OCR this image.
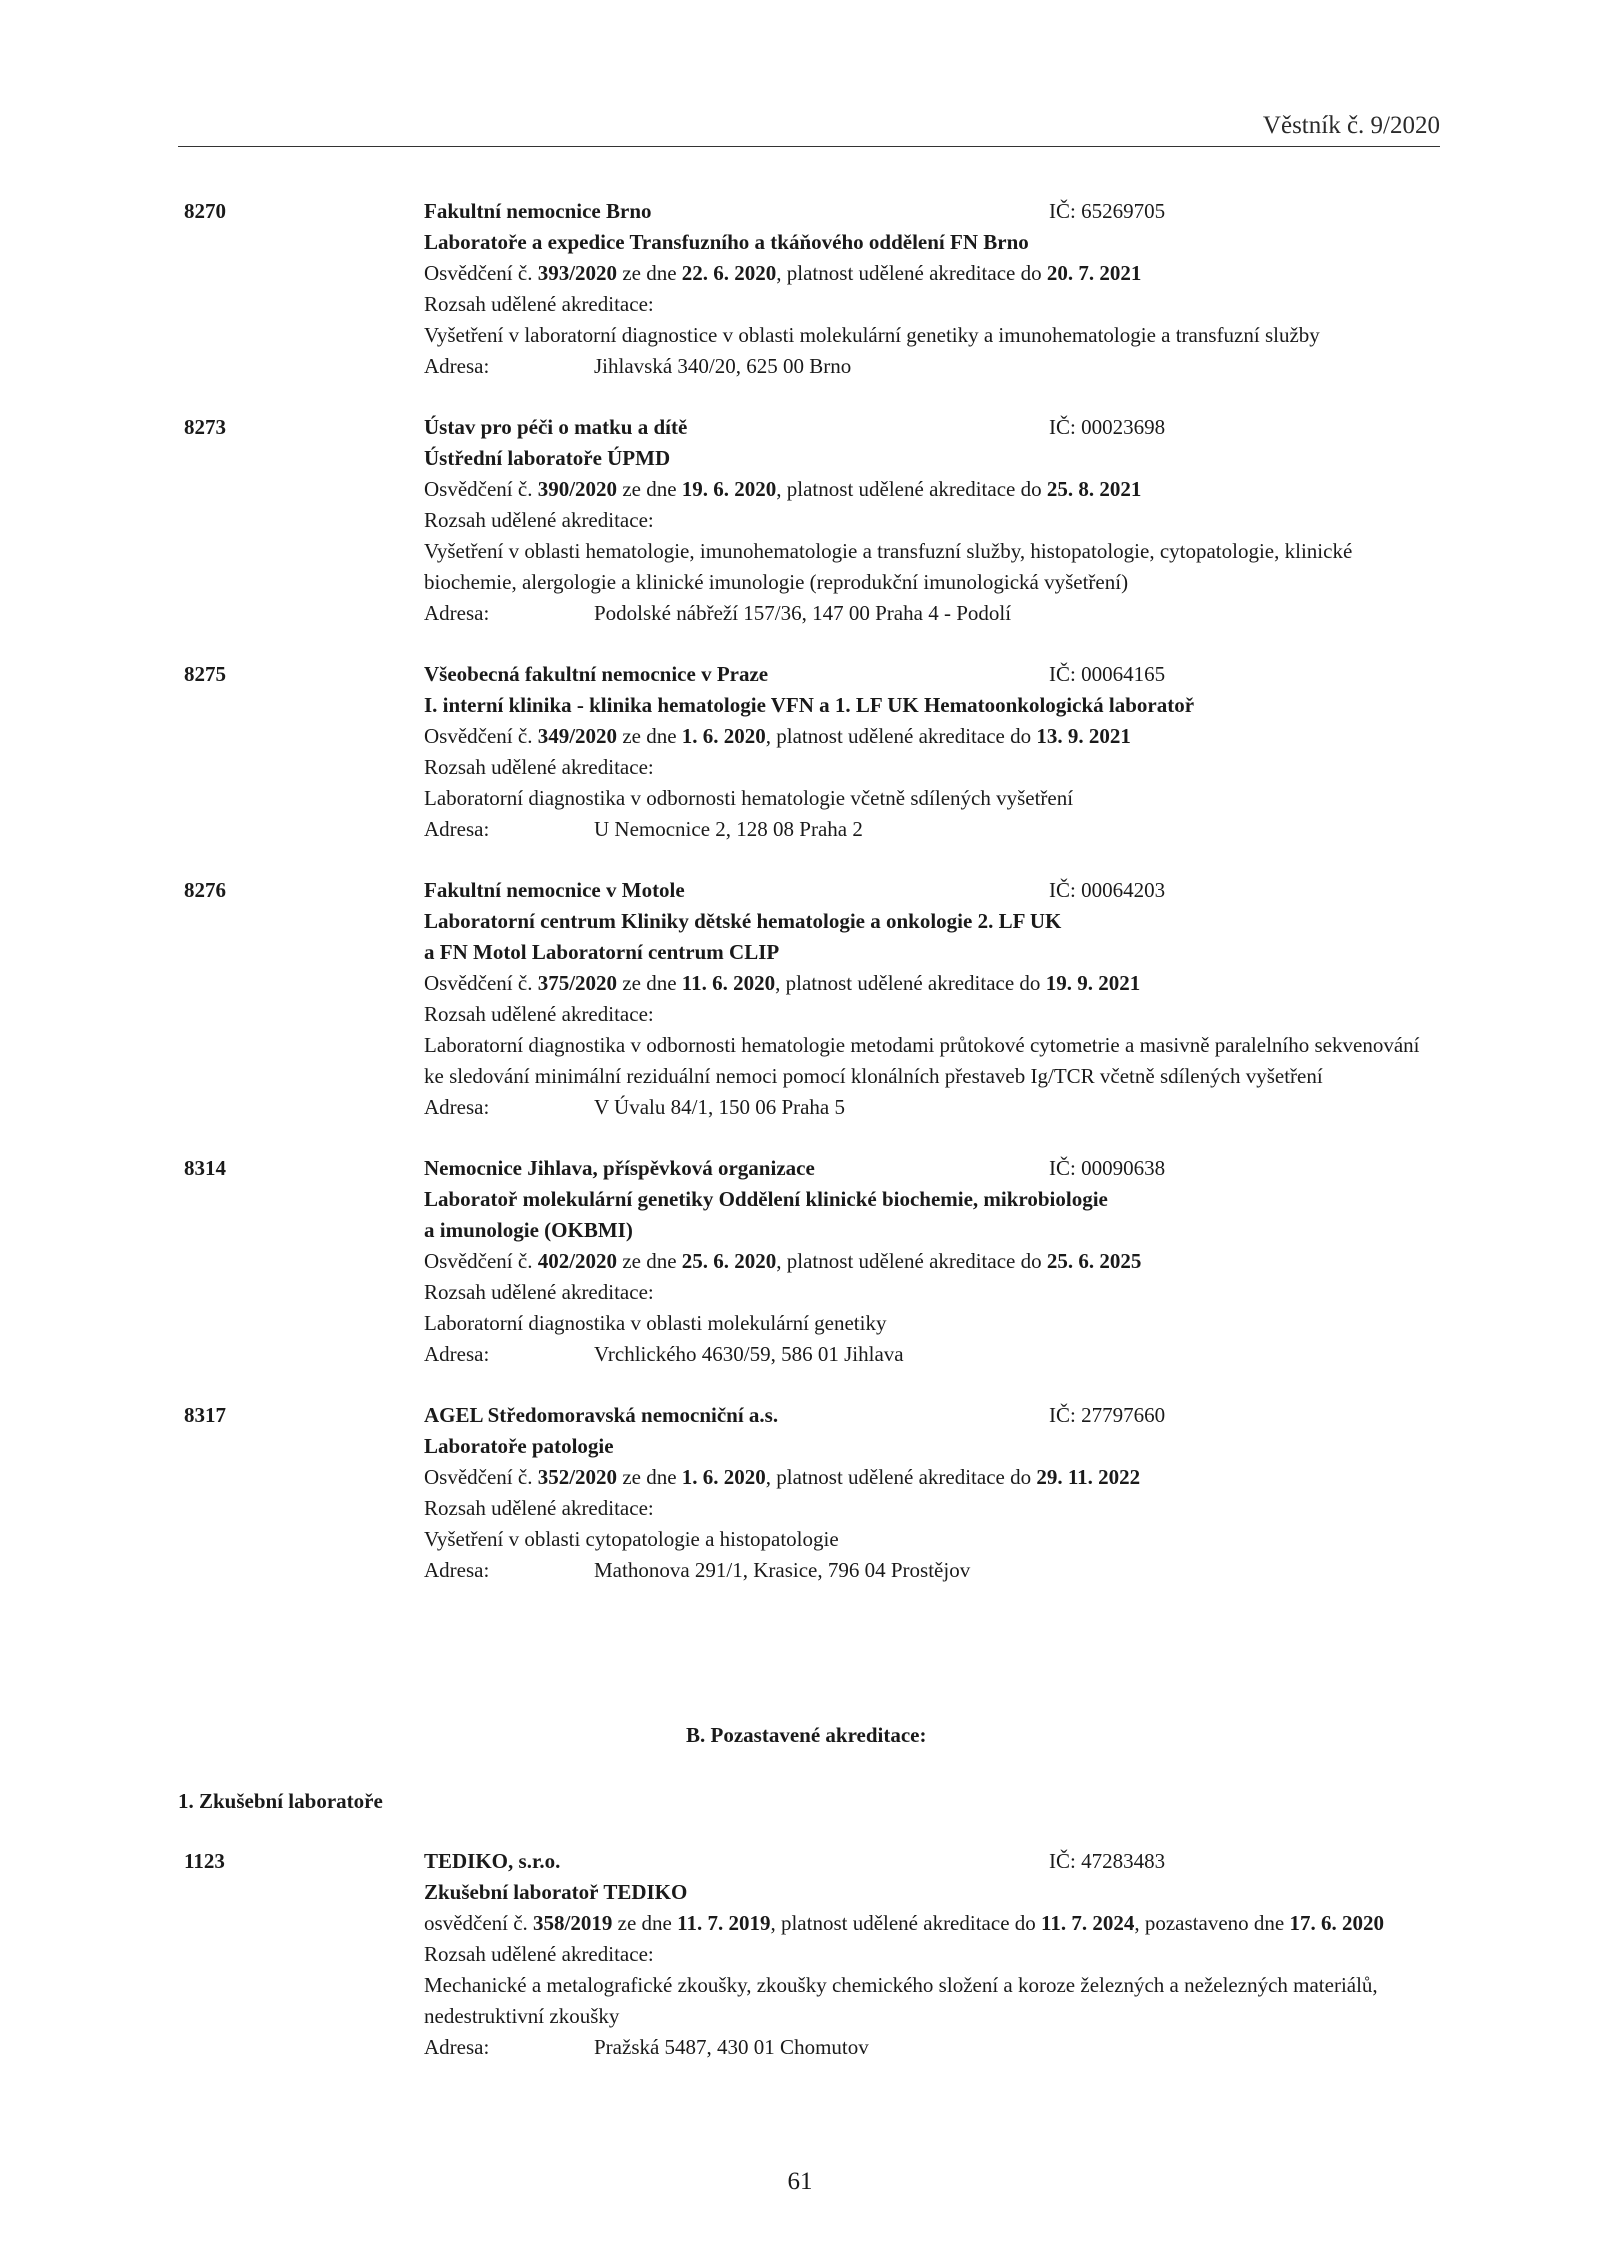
Věstník č. 9/2020
8270	Fakultní nemocnice Brno	IČ: 65269705
Laboratoře a expedice Transfuzního a tkáňového oddělení FN Brno
Osvědčení č. 393/2020 ze dne 22. 6. 2020, platnost udělené akreditace do 20. 7. 2021
Rozsah udělené akreditace:
Vyšetření v laboratorní diagnostice v oblasti molekulární genetiky a imunohematologie a transfuzní služby
Adresa:	Jihlavská 340/20, 625 00 Brno
8273	Ústav pro péči o matku a dítě	IČ: 00023698
Ústřední laboratoře ÚPMD
Osvědčení č. 390/2020 ze dne 19. 6. 2020, platnost udělené akreditace do 25. 8. 2021
Rozsah udělené akreditace:
Vyšetření v oblasti hematologie, imunohematologie a transfuzní služby, histopatologie, cytopatologie, klinické biochemie, alergologie a klinické imunologie (reprodukční imunologická vyšetření)
Adresa:	Podolské nábřeží 157/36, 147 00 Praha 4 - Podolí
8275	Všeobecná fakultní nemocnice v Praze	IČ: 00064165
I. interní klinika - klinika hematologie VFN a 1. LF UK Hematoonkologická laboratoř
Osvědčení č. 349/2020 ze dne 1. 6. 2020, platnost udělené akreditace do 13. 9. 2021
Rozsah udělené akreditace:
Laboratorní diagnostika v odbornosti hematologie včetně sdílených vyšetření
Adresa:	U Nemocnice 2, 128 08 Praha 2
8276	Fakultní nemocnice v Motole	IČ: 00064203
Laboratorní centrum Kliniky dětské hematologie a onkologie 2. LF UK
a FN Motol Laboratorní centrum CLIP
Osvědčení č. 375/2020 ze dne 11. 6. 2020, platnost udělené akreditace do 19. 9. 2021
Rozsah udělené akreditace:
Laboratorní diagnostika v odbornosti hematologie metodami průtokové cytometrie a masivně paralelního sekvenování ke sledování minimální reziduální nemoci pomocí klonálních přestaveb Ig/TCR včetně sdílených vyšetření
Adresa:	V Úvalu 84/1, 150 06 Praha 5
8314	Nemocnice Jihlava, příspěvková organizace	IČ: 00090638
Laboratoř molekulární genetiky Oddělení klinické biochemie, mikrobiologie
a imunologie (OKBMI)
Osvědčení č. 402/2020 ze dne 25. 6. 2020, platnost udělené akreditace do 25. 6. 2025
Rozsah udělené akreditace:
Laboratorní diagnostika v oblasti molekulární genetiky
Adresa:	Vrchlického 4630/59, 586 01 Jihlava
8317	AGEL Středomoravská nemocniční a.s.	IČ: 27797660
Laboratoře patologie
Osvědčení č. 352/2020 ze dne 1. 6. 2020, platnost udělené akreditace do 29. 11. 2022
Rozsah udělené akreditace:
Vyšetření v oblasti cytopatologie a histopatologie
Adresa:	Mathonova 291/1, Krasice, 796 04 Prostějov
B. Pozastavené akreditace:
1. Zkušební laboratoře
1123	TEDIKO, s.r.o.	IČ: 47283483
Zkušební laboratoř TEDIKO
osvědčení č. 358/2019 ze dne 11. 7. 2019, platnost udělené akreditace do 11. 7. 2024, pozastaveno dne 17. 6. 2020
Rozsah udělené akreditace:
Mechanické a metalografické zkoušky, zkoušky chemického složení a koroze železných a neželezných materiálů, nedestruktivní zkoušky
Adresa:	Pražská 5487, 430 01 Chomutov
61
